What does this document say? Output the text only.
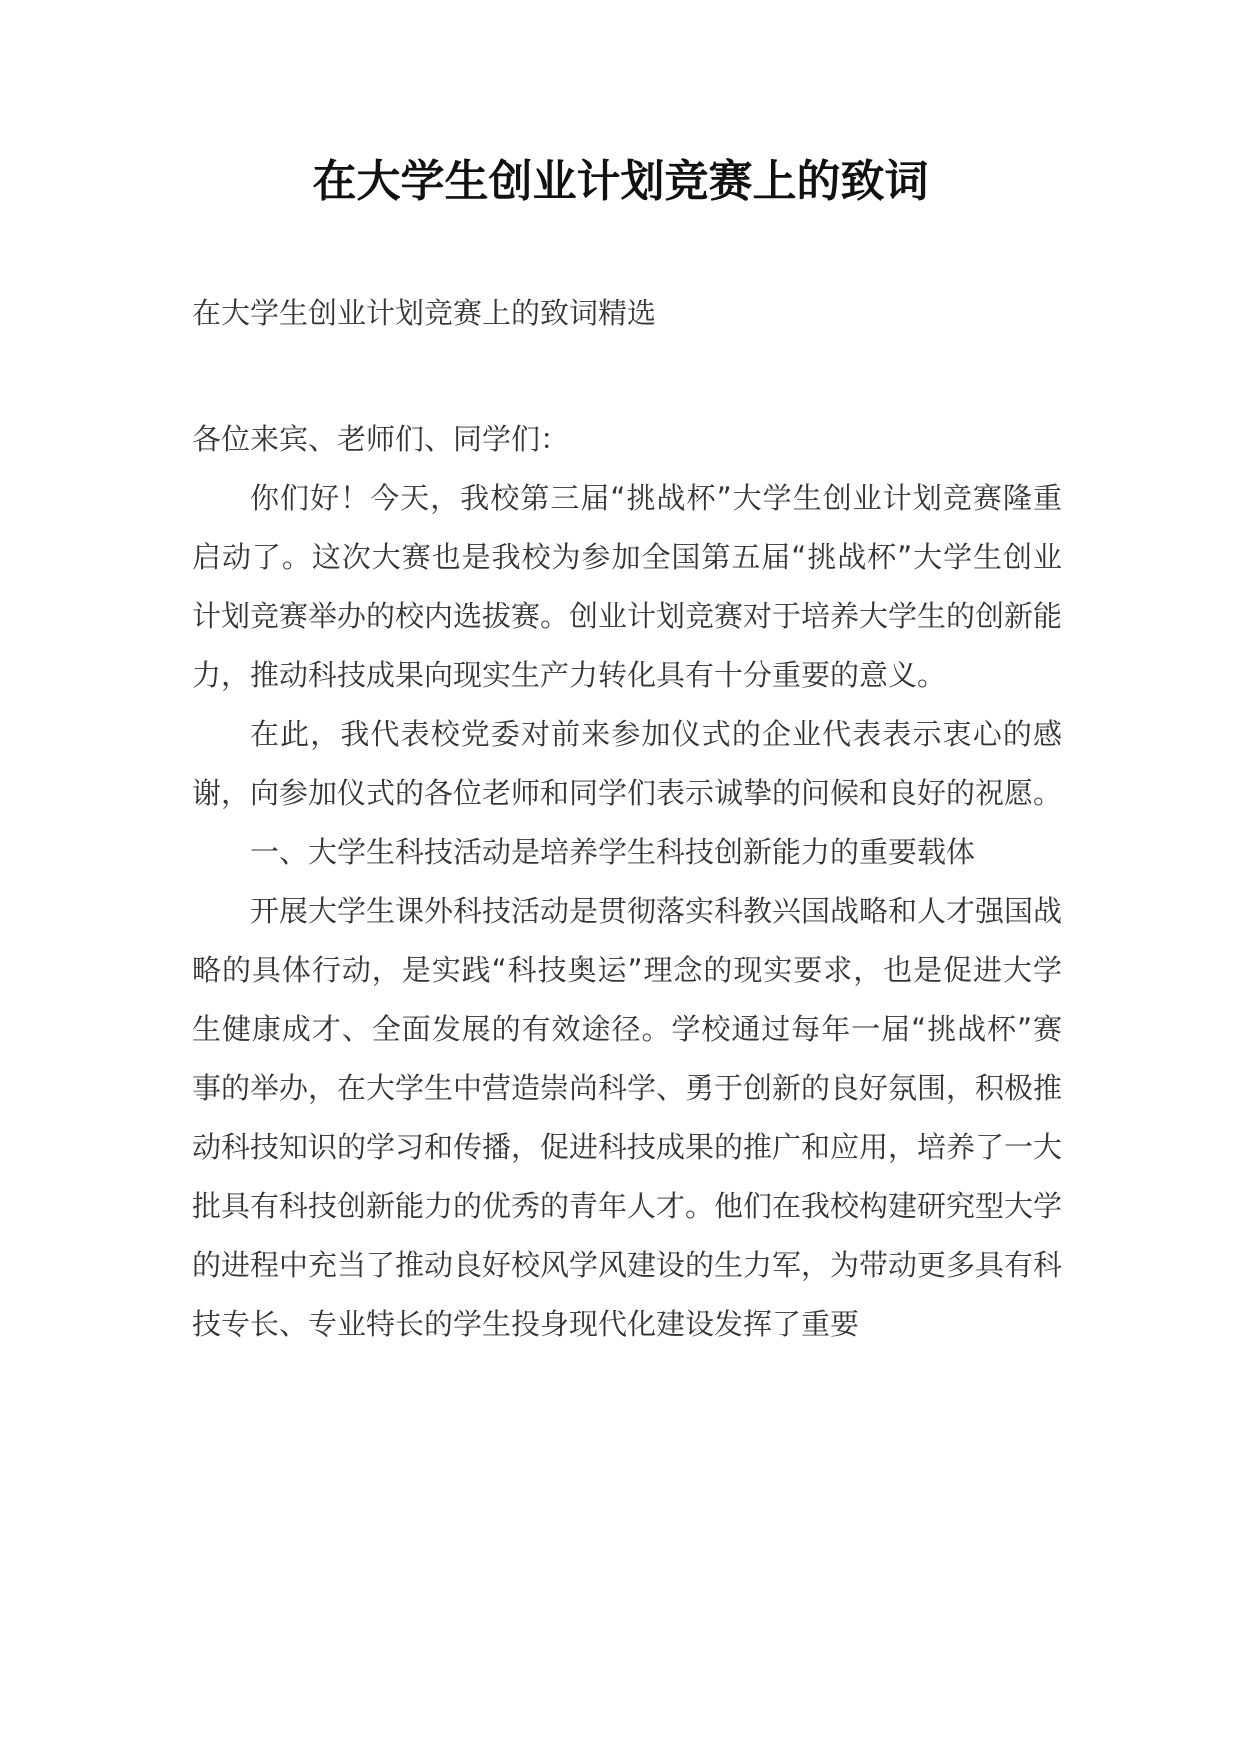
在大学生创业计划竞赛上的致词
在大学生创业计划竞赛上的致词精选

各位来宾、老师们、同学们：

你们好！今天，我校第三届“挑战杯”大学生创业计划竞赛隆重启动了。这次大赛也是我校为参加全国第五届“挑战杯”大学生创业计划竞赛举办的校内选拔赛。创业计划竞赛对于培养大学生的创新能力，推动科技成果向现实生产力转化具有十分重要的意义。

在此，我代表校党委对前来参加仪式的企业代表表示衷心的感谢，向参加仪式的各位老师和同学们表示诚挚的问候和良好的祝愿。

一、大学生科技活动是培养学生科技创新能力的重要载体

开展大学生课外科技活动是贯彻落实科教兴国战略和人才强国战略的具体行动，是实践“科技奥运”理念的现实要求，也是促进大学生健康成才、全面发展的有效途径。学校通过每年一届“挑战杯”赛事的举办，在大学生中营造崇尚科学、勇于创新的良好氛围，积极推动科技知识的学习和传播，促进科技成果的推广和应用，培养了一大批具有科技创新能力的优秀的青年人才。他们在我校构建研究型大学的进程中充当了推动良好校风学风建设的生力军，为带动更多具有科技专长、专业特长的学生投身现代化建设发挥了重要
